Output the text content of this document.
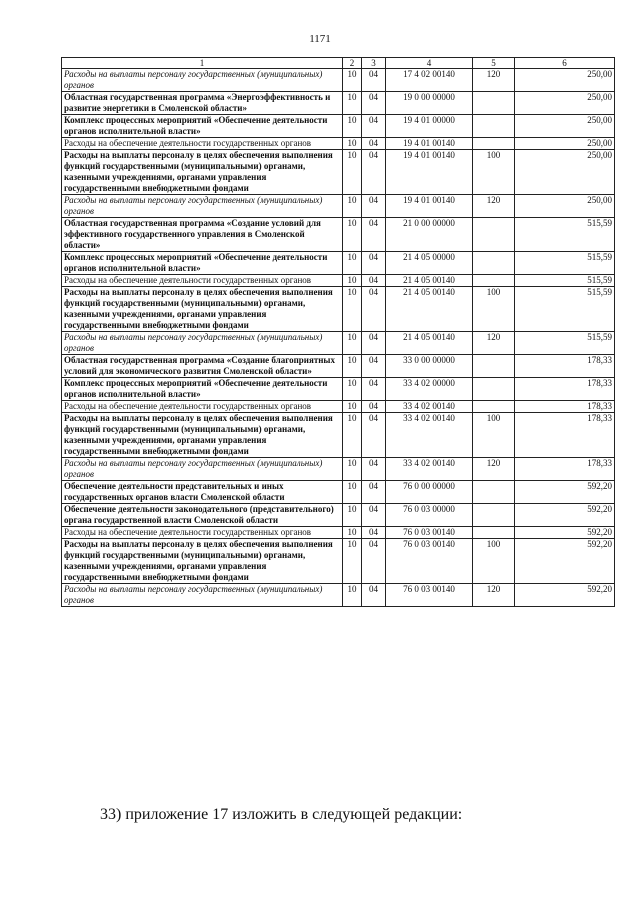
1171
1	2	3	4	5	6
Расходы на выплаты персоналу государственных (муниципальных) органов	10	04	17 4 02 00140	120	250,00
Областная государственная программа «Энергоэффективность и развитие энергетики в Смоленской области»	10	04	19 0 00 00000		250,00
Комплекс процессных мероприятий «Обеспечение деятельности органов исполнительной власти»	10	04	19 4 01 00000		250,00
Расходы на обеспечение деятельности государственных органов	10	04	19 4 01 00140		250,00
Расходы на выплаты персоналу в целях обеспечения выполнения функций государственными (муниципальными) органами, казенными учреждениями, органами управления государственными внебюджетными фондами	10	04	19 4 01 00140	100	250,00
Расходы на выплаты персоналу государственных (муниципальных) органов	10	04	19 4 01 00140	120	250,00
Областная государственная программа «Создание условий для эффективного государственного управления в Смоленской области»	10	04	21 0 00 00000		515,59
Комплекс процессных мероприятий «Обеспечение деятельности органов исполнительной власти»	10	04	21 4 05 00000		515,59
Расходы на обеспечение деятельности государственных органов	10	04	21 4 05 00140		515,59
Расходы на выплаты персоналу в целях обеспечения выполнения функций государственными (муниципальными) органами, казенными учреждениями, органами управления государственными внебюджетными фондами	10	04	21 4 05 00140	100	515,59
Расходы на выплаты персоналу государственных (муниципальных) органов	10	04	21 4 05 00140	120	515,59
Областная государственная программа «Создание благоприятных условий для экономического развития Смоленской области»	10	04	33 0 00 00000		178,33
Комплекс процессных мероприятий «Обеспечение деятельности органов исполнительной власти»	10	04	33 4 02 00000		178,33
Расходы на обеспечение деятельности государственных органов	10	04	33 4 02 00140		178,33
Расходы на выплаты персоналу в целях обеспечения выполнения функций государственными (муниципальными) органами, казенными учреждениями, органами управления государственными внебюджетными фондами	10	04	33 4 02 00140	100	178,33
Расходы на выплаты персоналу государственных (муниципальных) органов	10	04	33 4 02 00140	120	178,33
Обеспечение деятельности представительных и иных государственных органов власти Смоленской области	10	04	76 0 00 00000		592,20
Обеспечение деятельности законодательного (представительного) органа государственной власти Смоленской области	10	04	76 0 03 00000		592,20
Расходы на обеспечение деятельности государственных органов	10	04	76 0 03 00140		592,20
Расходы на выплаты персоналу в целях обеспечения выполнения функций государственными (муниципальными) органами, казенными учреждениями, органами управления государственными внебюджетными фондами	10	04	76 0 03 00140	100	592,20
Расходы на выплаты персоналу государственных (муниципальных) органов	10	04	76 0 03 00140	120	592,20
33) приложение 17 изложить в следующей редакции:
